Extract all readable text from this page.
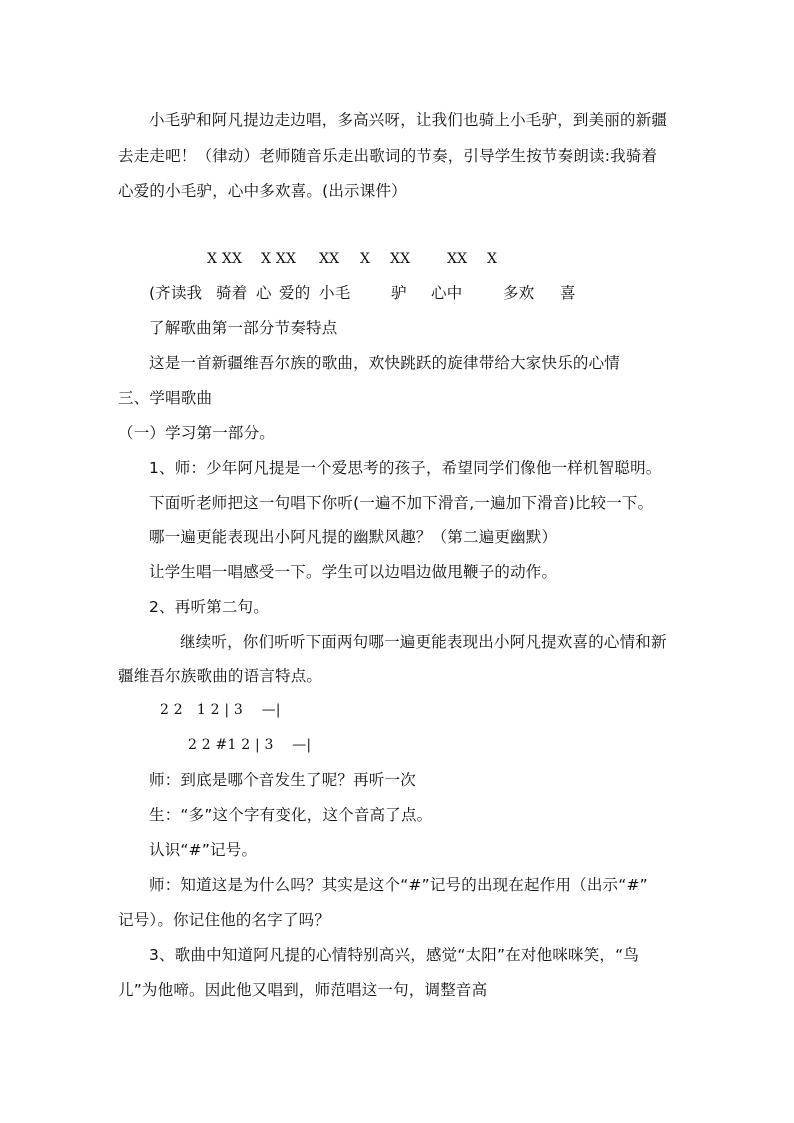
小毛驴和阿凡提边走边唱，多高兴呀，让我们也骑上小毛驴，到美丽的新疆
去走走吧！（律动）老师随音乐走出歌词的节奏，引导学生按节奏朗读:我骑着
心爱的小毛驴，心中多欢喜。(出示课件）
X XX X XX XX X XX	XX X
(齐读我 骑着 心 爱的 小毛	驴 心中	多欢 喜
了解歌曲第一部分节奏特点
这是一首新疆维吾尔族的歌曲，欢快跳跃的旋律带给大家快乐的心情
三、学唱歌曲
（一）学习第一部分。
1、师：少年阿凡提是一个爱思考的孩子，希望同学们像他一样机智聪明。
下面听老师把这一句唱下你听(一遍不加下滑音,一遍加下滑音)比较一下。
哪一遍更能表现出小阿凡提的幽默风趣？（第二遍更幽默）
让学生唱一唱感受一下。学生可以边唱边做甩鞭子的动作。
2、再听第二句。
继续听，你们听听下面两句哪一遍更能表现出小阿凡提欢喜的心情和新
疆维吾尔族歌曲的语言特点。
2 2   1 2 | 3    —|
2 2 #1 2 | 3    —|
师：到底是哪个音发生了呢？再听一次
生：“多”这个字有变化，这个音高了点。
认识“#”记号。
师：知道这是为什么吗？其实是这个“#”记号的出现在起作用（出示“#”
记号）。你记住他的名字了吗？
3、歌曲中知道阿凡提的心情特别高兴，感觉“太阳”在对他咪咪笑，“鸟
儿”为他啼。因此他又唱到，师范唱这一句，调整音高
